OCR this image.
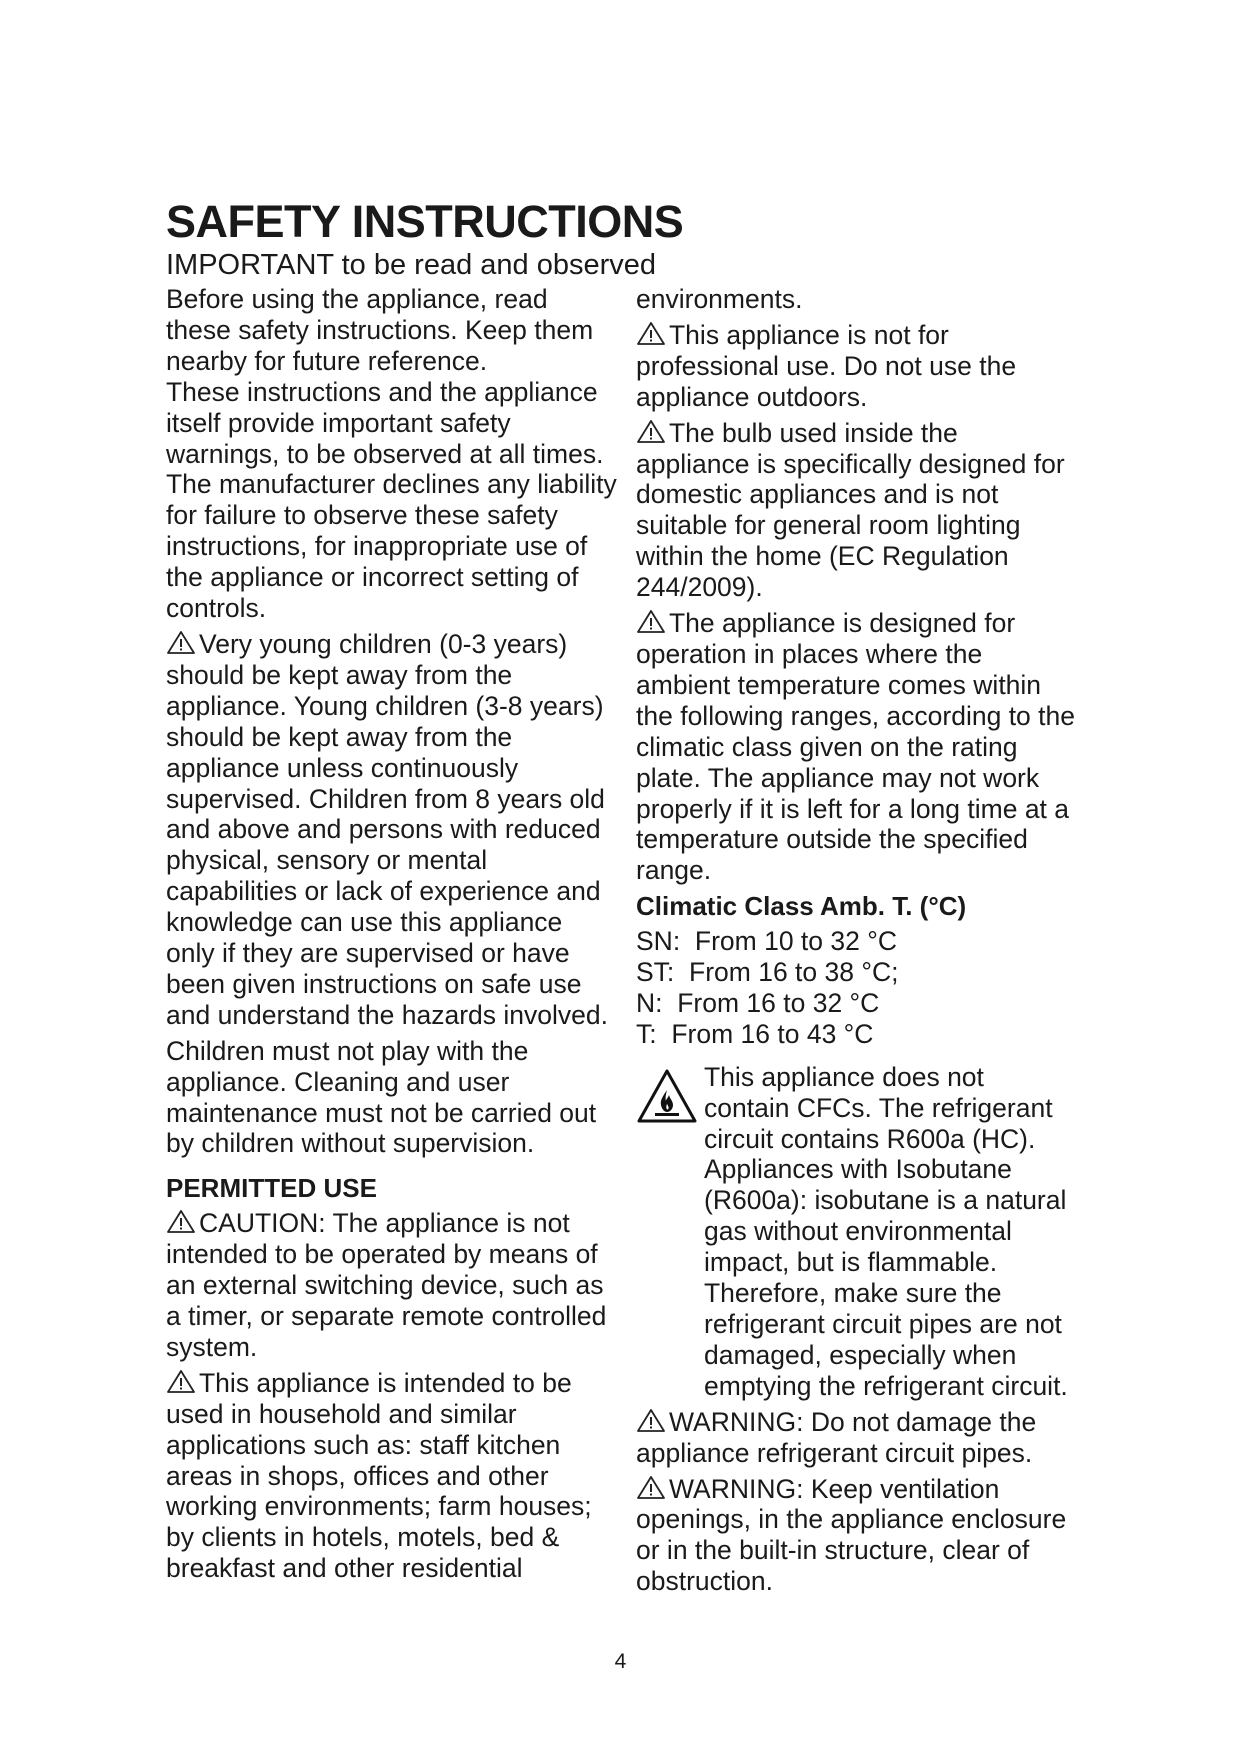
SAFETY INSTRUCTIONS
IMPORTANT to be read and observed

Before using the appliance, read these safety instructions. Keep them nearby for future reference.

These instructions and the appliance itself provide important safety warnings, to be observed at all times. The manufacturer declines any liability for failure to observe these safety instructions, for inappropriate use of the appliance or incorrect setting of controls.

Very young children (0-3 years) should be kept away from the appliance. Young children (3-8 years) should be kept away from the appliance unless continuously supervised. Children from 8 years old and above and persons with reduced physical, sensory or mental capabilities or lack of experience and knowledge can use this appliance only if they are supervised or have been given instructions on safe use and understand the hazards involved.

Children must not play with the appliance. Cleaning and user maintenance must not be carried out by children without supervision.

PERMITTED USE

CAUTION: The appliance is not intended to be operated by means of an external switching device, such as a timer, or separate remote controlled system.

This appliance is intended to be used in household and similar applications such as: staff kitchen areas in shops, offices and other working environments; farm houses; by clients in hotels, motels, bed & breakfast and other residential

environments.

This appliance is not for professional use. Do not use the appliance outdoors.

The bulb used inside the appliance is specifically designed for domestic appliances and is not suitable for general room lighting within the home (EC Regulation 244/2009).

The appliance is designed for operation in places where the ambient temperature comes within the following ranges, according to the climatic class given on the rating plate. The appliance may not work properly if it is left for a long time at a temperature outside the specified range.

Climatic Class Amb. T. (°C)

SN:  From 10 to 32 °C

ST:  From 16 to 38 °C;

N:  From 16 to 32 °C

T:  From 16 to 43 °C

This appliance does not contain CFCs. The refrigerant circuit contains R600a (HC). Appliances with Isobutane (R600a): isobutane is a natural gas without environmental impact, but is flammable. Therefore, make sure the refrigerant circuit pipes are not damaged, especially when emptying the refrigerant circuit.

WARNING: Do not damage the appliance refrigerant circuit pipes.

WARNING: Keep ventilation openings, in the appliance enclosure or in the built-in structure, clear of obstruction.

4
